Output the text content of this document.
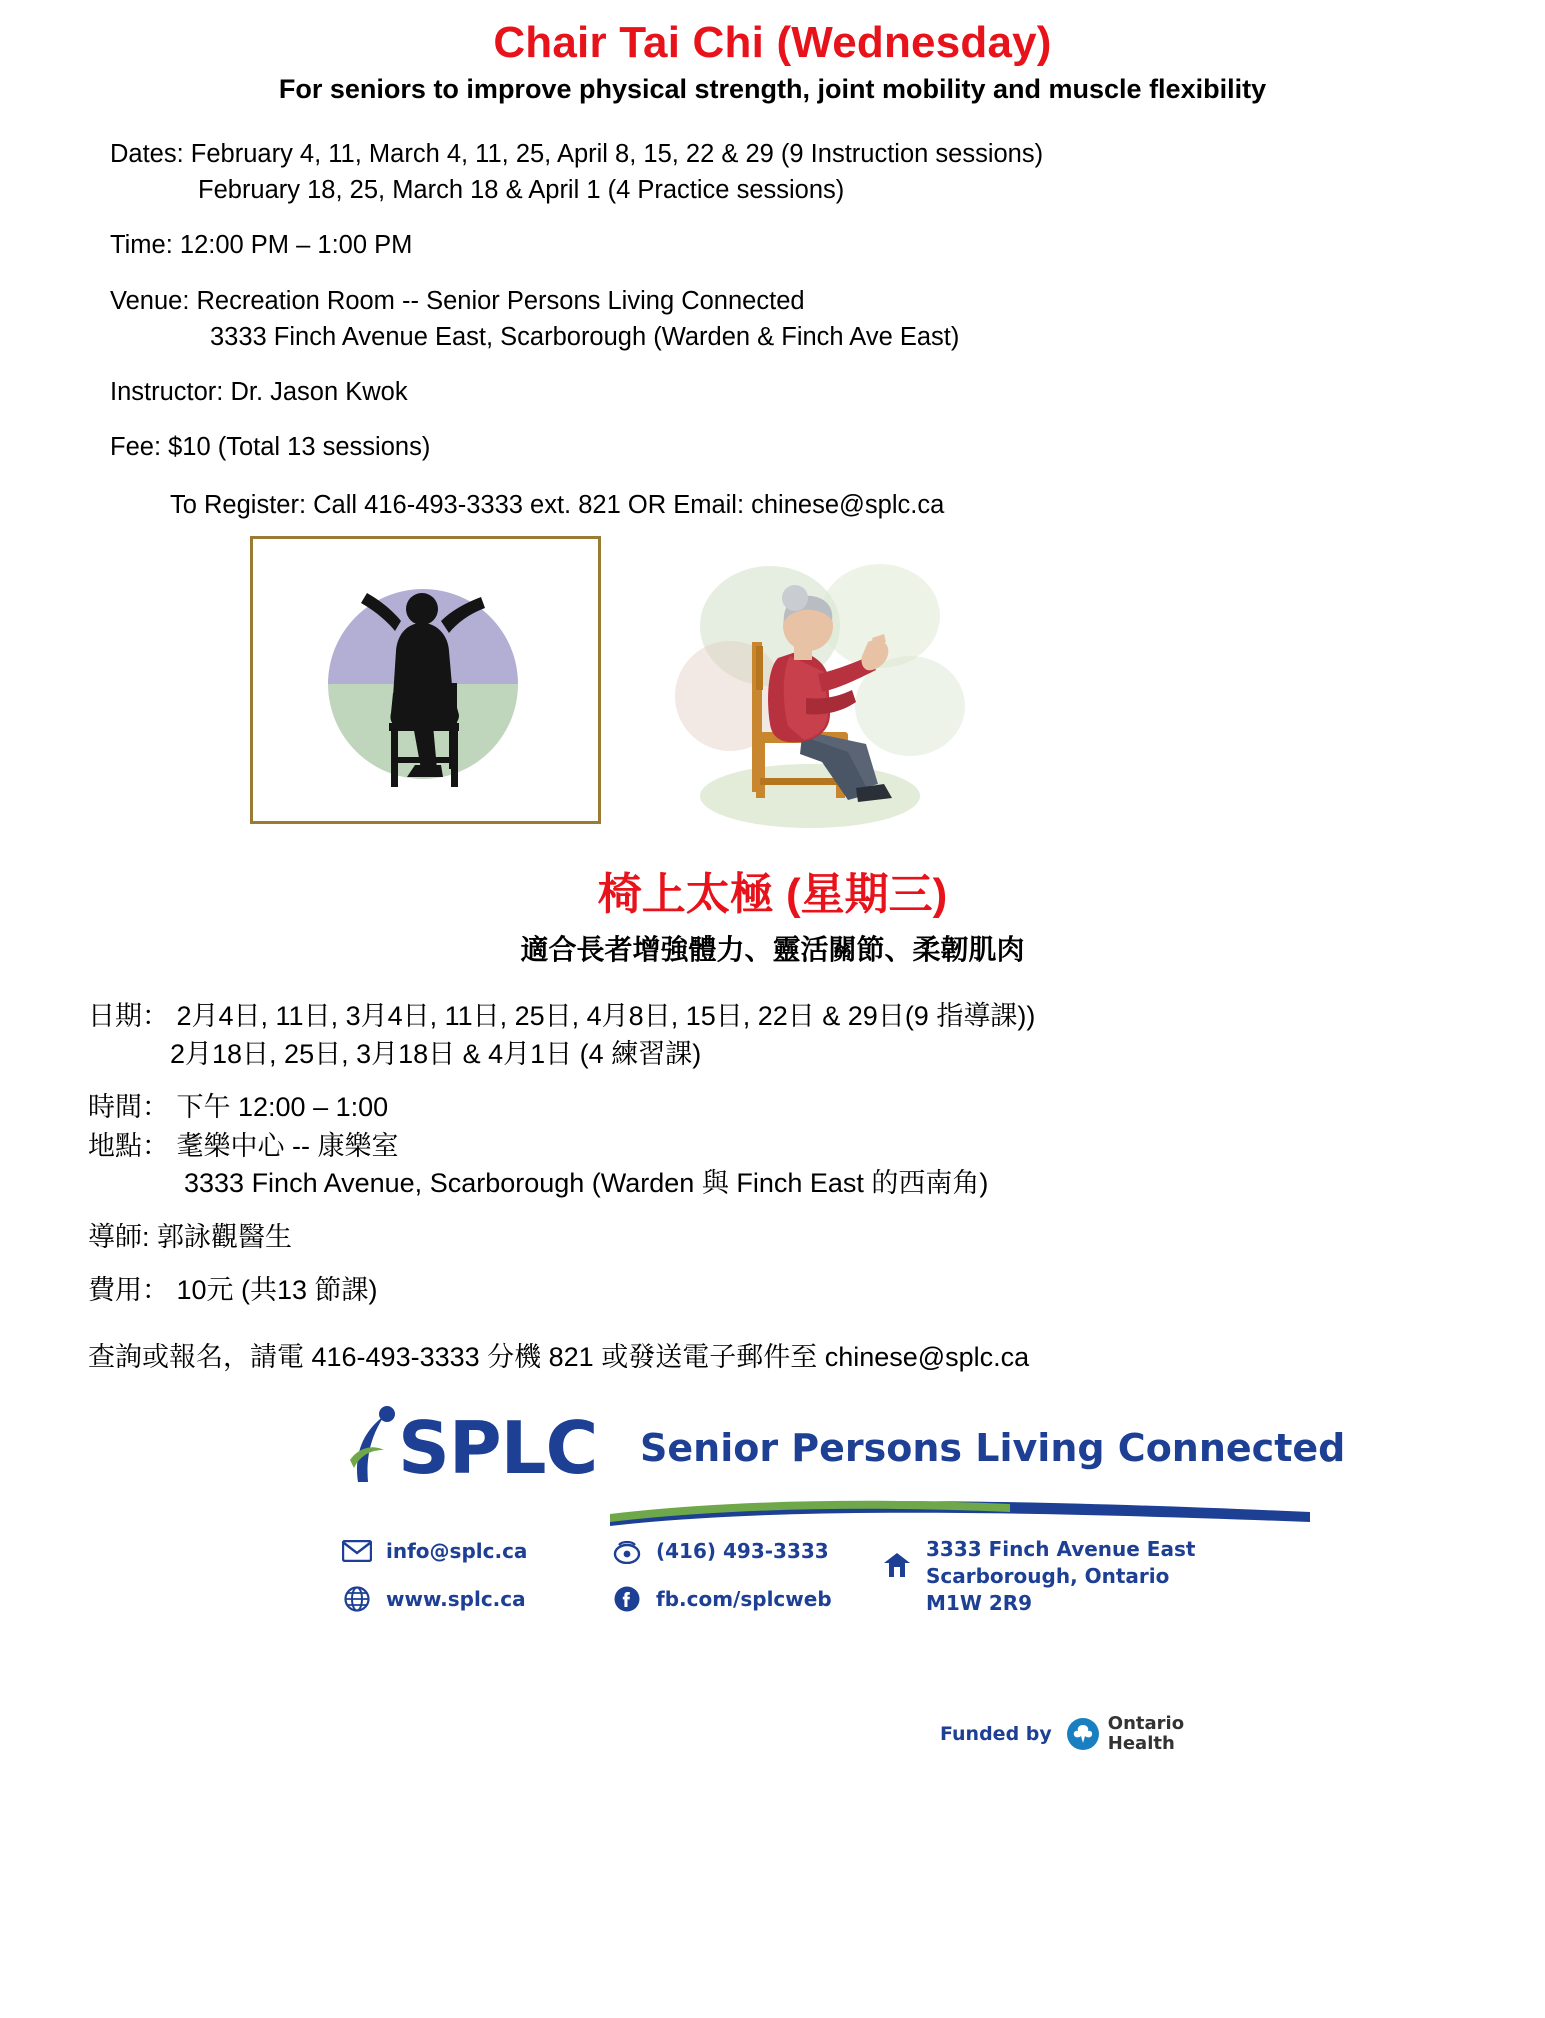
Chair Tai Chi (Wednesday)
For seniors to improve physical strength, joint mobility and muscle flexibility
Dates: February 4, 11, March 4, 11, 25, April 8, 15, 22 & 29 (9 Instruction sessions)
February 18, 25, March 18 & April 1 (4 Practice sessions)
Time: 12:00 PM – 1:00 PM
Venue: Recreation Room -- Senior Persons Living Connected
3333 Finch Avenue East, Scarborough (Warden & Finch Ave East)
Instructor: Dr. Jason Kwok
Fee: $10 (Total 13 sessions)
To Register: Call 416-493-3333 ext. 821 OR Email: chinese@splc.ca
椅上太極 (星期三)
適合長者增強體力、靈活關節、柔韌肌肉
日期： 2月4日, 11日, 3月4日, 11日, 25日, 4月8日, 15日, 22日 & 29日(9 指導課))
2月18日, 25日, 3月18日 & 4月1日 (4 練習課)
時間： 下午 12:00 – 1:00
地點： 耄樂中心 -- 康樂室
3333 Finch Avenue, Scarborough (Warden 與 Finch East 的西南角)
導師: 郭詠觀醫生
費用： 10元 (共13 節課)
查詢或報名，請電 416-493-3333 分機 821 或發送電子郵件至 chinese@splc.ca
SPLC Senior Persons Living Connected
info@splc.ca
www.splc.ca
(416) 493-3333
fb.com/splcweb
3333 Finch Avenue East
Scarborough, Ontario
M1W 2R9
Funded by	Ontario
Health
